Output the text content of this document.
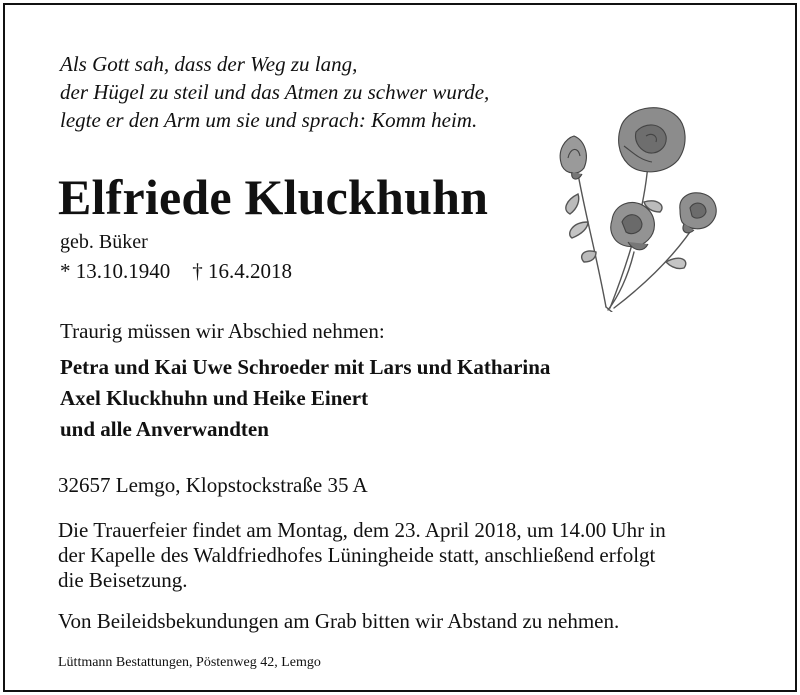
Als Gott sah, dass der Weg zu lang,
der Hügel zu steil und das Atmen zu schwer wurde,
legte er den Arm um sie und sprach: Komm heim.
Elfriede Kluckhuhn
geb. Büker
* 13.10.1940 † 16.4.2018
Traurig müssen wir Abschied nehmen:
Petra und Kai Uwe Schroeder mit Lars und Katharina
Axel Kluckhuhn und Heike Einert
und alle Anverwandten
32657 Lemgo, Klopstockstraße 35 A
Die Trauerfeier findet am Montag, dem 23. April 2018, um 14.00 Uhr in
der Kapelle des Waldfriedhofes Lüningheide statt, anschließend erfolgt
die Beisetzung.
Von Beileidsbekundungen am Grab bitten wir Abstand zu nehmen.
Lüttmann Bestattungen, Pöstenweg 42, Lemgo
